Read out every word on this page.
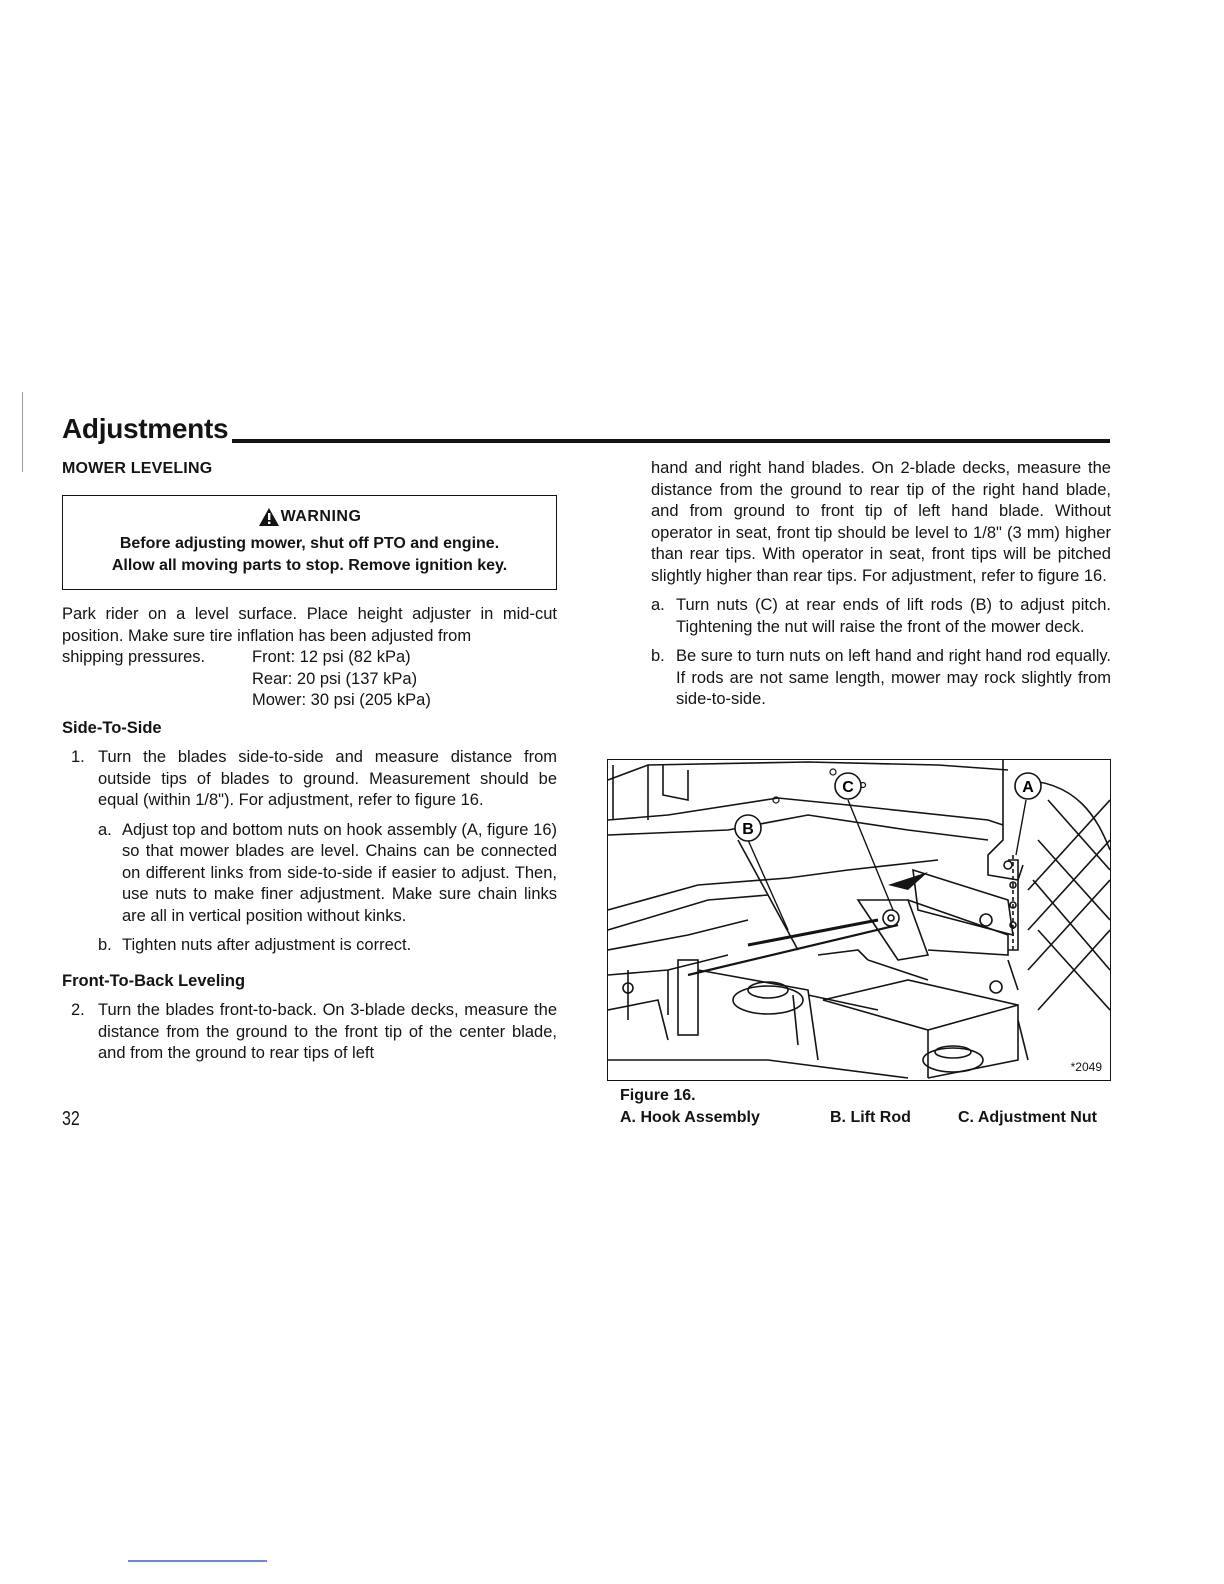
Adjustments
MOWER LEVELING
WARNING
Before adjusting mower, shut off PTO and engine.
Allow all moving parts to stop. Remove ignition key.

Park rider on a level surface. Place height adjuster in mid-cut position. Make sure tire inflation has been adjusted from

shipping pressures.	Front: 12 psi (82 kPa)
Rear: 20 psi (137 kPa)
Mower: 30 psi (205 kPa)
Side-To-Side
1. Turn the blades side-to-side and measure distance from outside tips of blades to ground. Measurement should be equal (within 1/8"). For adjustment, refer to figure 16.
a. Adjust top and bottom nuts on hook assembly (A, figure 16) so that mower blades are level. Chains can be connected on different links from side-to-side if easier to adjust. Then, use nuts to make finer adjustment. Make sure chain links are all in vertical position without kinks.
b. Tighten nuts after adjustment is correct.
Front-To-Back Leveling
2. Turn the blades front-to-back. On 3-blade decks, measure the distance from the ground to the front tip of the center blade, and from the ground to rear tips of left
32
hand and right hand blades. On 2-blade decks, measure the distance from the ground to rear tip of the right hand blade, and from ground to front tip of left hand blade. Without operator in seat, front tip should be level to 1/8" (3 mm) higher than rear tips. With operator in seat, front tips will be pitched slightly higher than rear tips. For adjustment, refer to figure 16.
a. Turn nuts (C) at rear ends of lift rods (B) to adjust pitch. Tightening the nut will raise the front of the mower deck.
b. Be sure to turn nuts on left hand and right hand rod equally. If rods are not same length, mower may rock slightly from side-to-side.
B
C	A
*2049
Figure 16.
A. Hook Assembly	B. Lift Rod	C. Adjustment Nut
